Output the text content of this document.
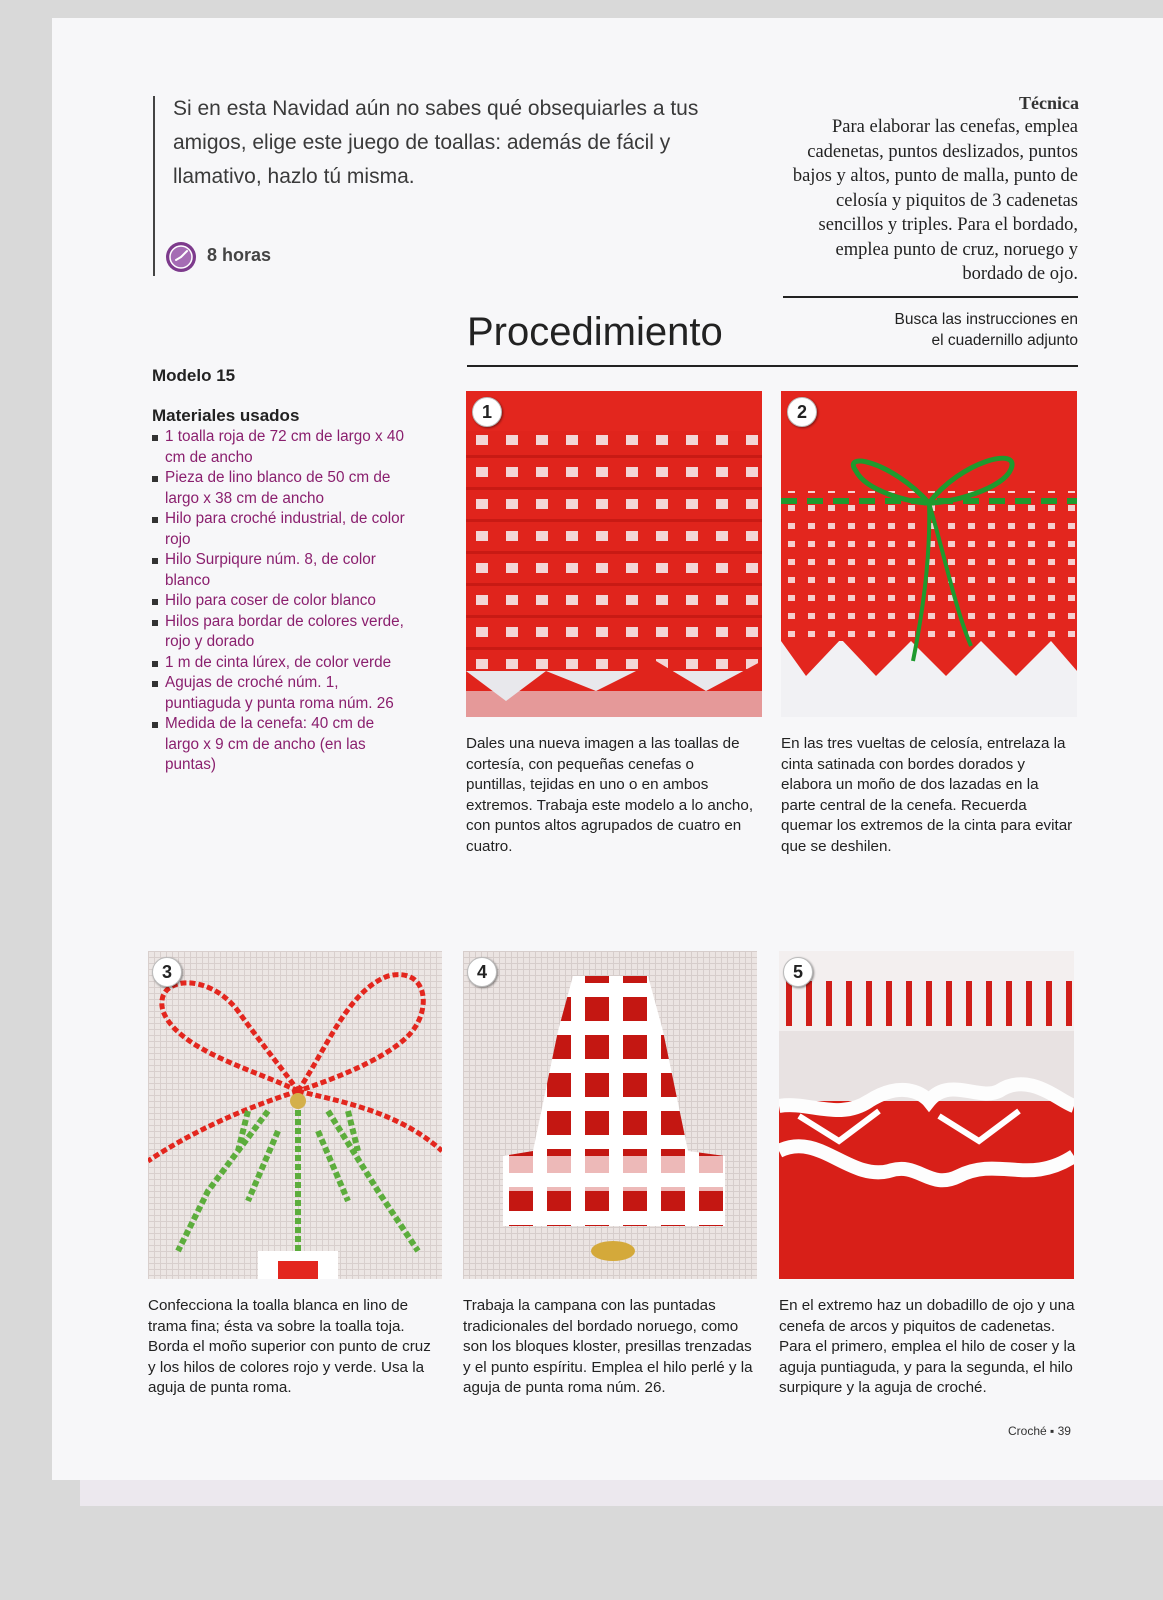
Si en esta Navidad aún no sabes qué obsequiarles a tus amigos, elige este juego de toallas: además de fácil y llamativo, hazlo tú misma.

8 horas
Técnica

Para elaborar las cenefas, emplea cadenetas, puntos deslizados, puntos bajos y altos, punto de malla, punto de celosía y piquitos de 3 cadenetas sencillos y triples. Para el bordado, emplea punto de cruz, noruego y bordado de ojo.

Procedimiento	Busca las instrucciones en el cuadernillo adjunto

Modelo 15
Materiales usados
1 toalla roja de 72 cm de largo x 40 cm de ancho
Pieza de lino blanco de 50 cm de largo x 38 cm de ancho
Hilo para croché industrial, de color rojo
Hilo Surpiqure núm. 8, de color blanco
Hilo para coser de color blanco
Hilos para bordar de colores verde, rojo y dorado
1 m de cinta lúrex, de color verde
Agujas de croché núm. 1, puntiaguda y punta roma núm. 26
Medida de la cenefa: 40 cm de largo x 9 cm de ancho (en las puntas)
1	2

Dales una nueva imagen a las toallas de cortesía, con pequeñas cenefas o puntillas, tejidas en uno o en ambos extremos. Trabaja este modelo a lo ancho, con puntos altos agrupados de cuatro en cuatro.

En las tres vueltas de celosía, entrelaza la cinta satinada con bordes dorados y elabora un moño de dos lazadas en la parte central de la cenefa. Recuerda quemar los extremos de la cinta para evitar que se deshilen.

3	4	5

Confecciona la toalla blanca en lino de trama fina; ésta va sobre la toalla toja. Borda el moño superior con punto de cruz y los hilos de colores rojo y verde. Usa la aguja de punta roma.

Trabaja la campana con las puntadas tradicionales del bordado noruego, como son los bloques kloster, presillas trenzadas y el punto espíritu. Emplea el hilo perlé y la aguja de punta roma núm. 26.

En el extremo haz un dobadillo de ojo y una cenefa de arcos y piquitos de cadenetas. Para el primero, emplea el hilo de coser y la aguja puntiaguda, y para la segunda, el hilo surpiqure y la aguja de croché.

Croché ▪ 39
